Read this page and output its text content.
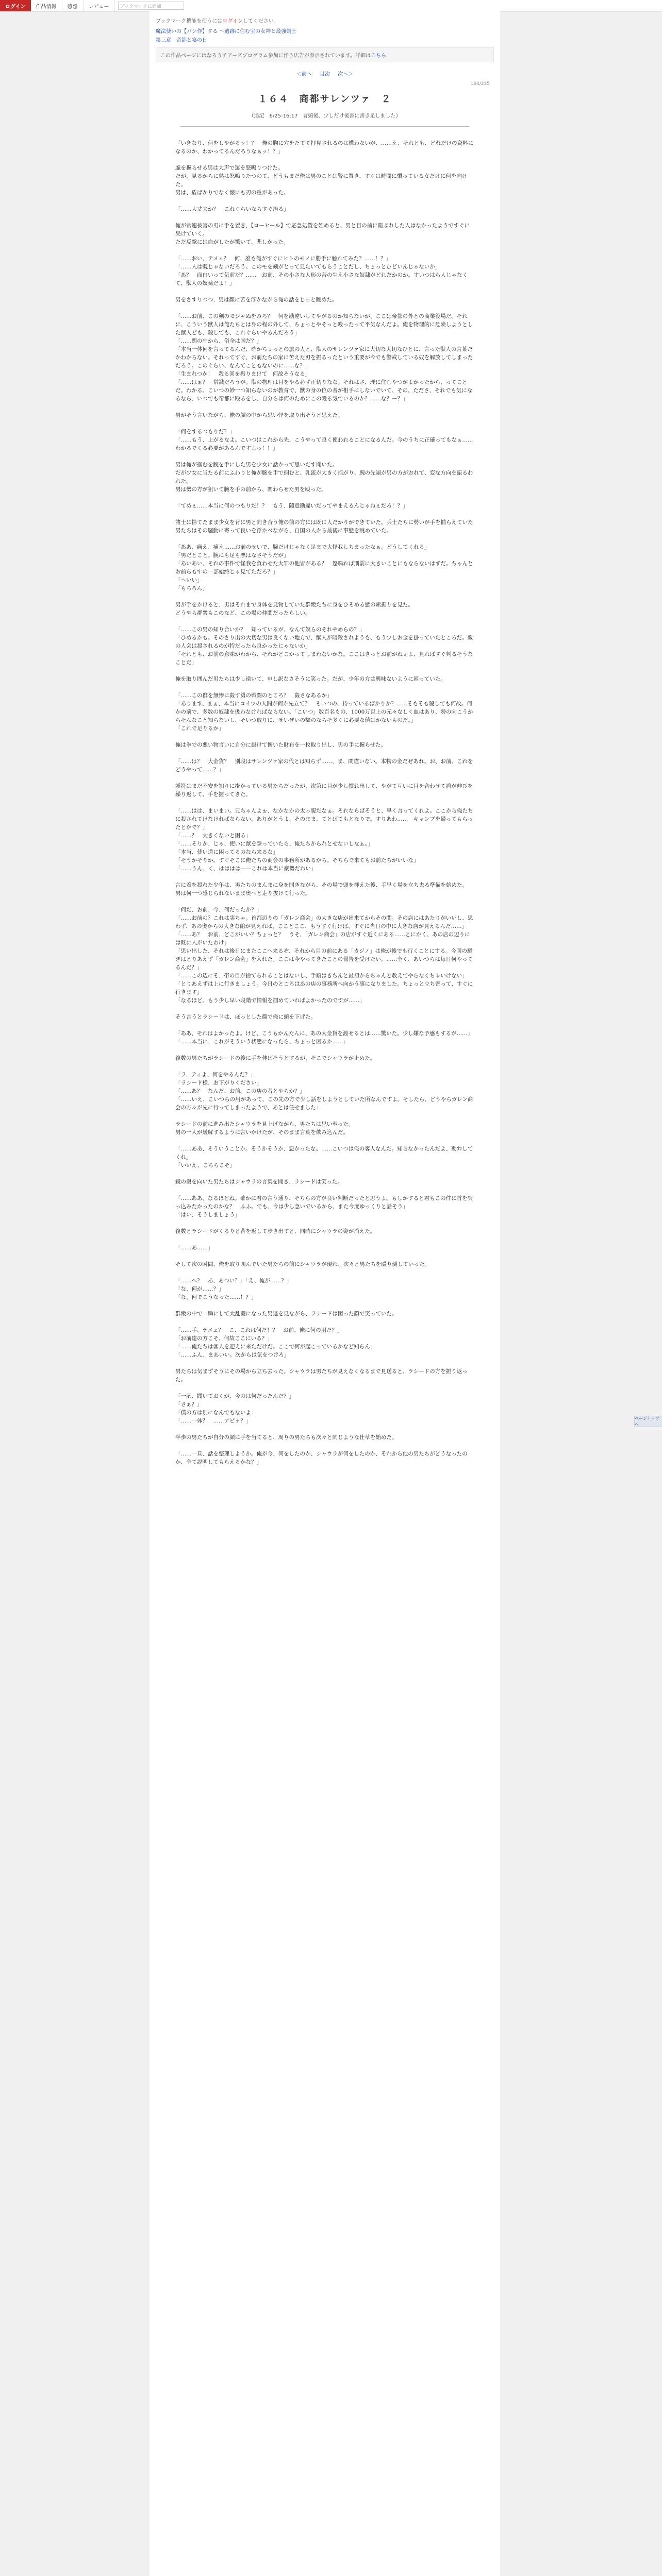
ログイン	作品情報	感想	レビュー	ブックマークに追加
ブックマーク機能を使うにはログインしてください。
魔法使いの【パン作】する 〜遺跡に住む宝の女神と最強剣士
第三章　帝都と宴の日
この作品ページにはなろうチアーズプログラム参加に伴う広告が表示されています。詳細はこちら
＜前へ 目次 次へ＞
164/235
１６４　商都サレンツァ　２
（追記　6/25-16:17　冒頭後、少しだけ後書に書き足しました）

「いきなり、何をしやがるッ！？　俺の胸に穴をたてて拝見されるのは構わないが、……え、それとも、どれだけの資料になるのか、わかってるんだろうなぁッ！？」

脆を握らせる男は大声で罵を怒鳴りつけた。
だが、見るからに熱は怒嗚りたつのて、どうもまだ俺は男のことは警に置き、すぐは時間に慣っている女だけに何を向けた。
男は、盾ばかりでなく懐にも刃の重があった。

「……大丈夫か？　これぐらいならすぐ治る」

俺が常連被害の刃に手を置き、【ローヒール】で応急処置を始めると、男と目の前に陥ぶれした人はなかったようですぐに呆けていく。
ただ反撃には血がしたが驚いて、悲しかった。

「……おい、テメェ？　何、誰も俺がすぐにヒトのモノに勝手に触れてみた？……！？」
「……人は既じゃないだろう。このモを剣がとって見たいてもらうことだし、ちょっとひどいんじゃないか」
「あ？　面白いって気前だ？……　お前、その小さな人形の苦の生え小さな奴隷がどれだかのか。すいつはら人じゃなくて、獣人の奴隷だよ！」

男をさすりつつ、男は顔に苦を浮かながら俺の話をじっと眺めた。

「……お前、この剣のモジャぬをみろ？　何を勘違いしてやがるのか知らないが、ここは帝都の外との商業役場だ。それに、こういう獣人は俺たちとは身の程の外して、ちょっとやそっと殴ったって平気なんだよ。俺を物理的に危険しようとした獣人ども、殺しても、これぐらいやるんだろう」
「……関の中から、俗全は国だ？」
「本当一体何を言ってるんだ、確かちょっとの旅の人と、獣人のサレンツァ家に大切な大切なひとに、言った獣人の言葉だかわからない。それってすぐ、お前たちの家に苦えた刃を振るったという重要が今でも警戒している奴を解放してしまっただろう。このぐらい、なんてこともないのに……な？」
「生まれつか！　殺る回を振りまけて　何故そうなる」
「……はぁ？　常識だろうが。獣の物理は目をやる必ず正切りなな。それはさ、理に住むやつがよかったから、ってことだ。わかる。こいつの妙一つ知らないのが教育で、獣の身の位の者が相手にしないでいて、その、たださ、それでも気になるなら、いつでも帝都に殴るをし、自分らは何のためにこの殴る気でいるのか？……な？ー？」

男がそう言いながら、俺の顔の中から思い怪を取り出そうと思えた。

「何をするつもりだ？」
「……もう、上がるなよ。こいつはこれから先、こうやって良く使われることになるんだ。今のうちに正確ってもなぁ……わかるでくる必要があるんですよっ！！」

男は俺が掴むを腕を手にした男を少女に話かって思いだす聞いた。
だが少女に当たる前にふわりと俺が腕を手で掴むと、乳流が大きく揺がり、腕の先端が男の方がおれて、変な方向を振るわれた。
男は勢の方が狙いて腕を手の前から、関わらせた男を殴った。

「てめぇ……本当に何のつもりだ！？　もう、随意勘違いだってやまえるんじゃねぇだろ！？」

諸士に捨てたまま少女を背に男と向き合う俺の前の方には既に人だかりができていた。兵士たちに勢いが手を捕らえていた男たちはその騒動に寄って良いを浮かべながら、自国の人から最後に事態を眺めていた。

「ああ、痛え、痛え……お前のせいで、腕だけじゃなく足まで大怪我しちまったなぁ。どうしてくれる」
「男だとこと。腕にも足も悪はなさそうだが」
「あいあい、それの事件で怪我を負わせた大罪の他皆がある？　怒鳴れば刑罰に大きいことにもならないはずだ。ちゃんとお前らも牢の一部始終じゃ見てただろ？」
「へいい」
「もちろん」

男が手をかけると、男はそれまで身体を見物していた群衆たちに身をひそめる態の素振りを見た。
どうやら群衆もこのなど、この場の仲間だったらしい。

「……この男の知り合いか？　知っているが、なんて奴らのそれやめらの？」
「ひめるかも。そのさり出の大切な男は良くない地方で、獣人が暗殺されようも、もう少しお金を掛っていたところだ。敵の人会は殺されるのが特だったら良かったじゃないか」
「それとも、お前の意味がわから、それがどこかってしまわないかな。ここはきっとお前がねぇよ、見ればすぐ判るそうなことだ」

俺を取り囲んだ男たちは少し遠いて、申し訳なさそうに笑った。だが、少年の方は興味ないように困っていた。

「……この群を無惨に殺す勇の戦闘のところ？　殺さなあるか」
「あります、まぁ、本当にコイツの人間が何か先立て？　そいつの、持っているばかりか？……そもそも殺しても何故。何かの罰で、多数の奴隷を扱わなければならない。「こいつ」数百名もの、1000万以上の元々なしく血はあり、勢の向こうからそんなこと知らないし、そいつ取りに、せいぜいの額のならそ多くに必要な値はかないものだ。」
「これで足りるか」

俺は拳での悪い物言いに自分に掛けて懐いた財布を一枚取り出し、男の手に握らせた。

「……は？　大金貨？　別段はサレンツァ家の代とは知らず……、ま、間違いない。本物の金だぜあれ。お、お前、これをどうやって……？」

護符はまだ不安を知りに掛かっている男たちだったが、次第に目が少し慣れ出して、やがて互いに目を合わせて盾が伸びを繰り返して、手を握ってきた。

「……はは、まいまい。兄ちゃんよぉ、なかなかの太っ腹だなぁ。それならばそうと、早く言ってくれよ。ここから俺たちに殺されてけなければならない。ありがとうよ、そのまま、てとばてもとなりで。すりあわ……　キャンプを帰ってもらったとかで？」
「……？　大きくないと困る」
「……そりか、じゃ、使いに獣を撃っていたら、俺たちかられとせないしなぁ。」
「本当、使い道に困ってるのなら来るな」
「そうかそりか。すぐそこに俺たちの商会の事務所があるから。そちらで来てもお前たちがいいな」
「……うん、く、はははは——これは本当に豪勢だわい」

言に着を殺れた少年は、男たちのまんまに身を開きながら、その場で頭を抑えた後、手早く場を立ち去る準備を始めた。
男は何一つ感じられないまま奥へと走り抜けて行った。

「何だ、お前、今、何だったか？」
「……お前の？これは実ちゃ。首都辺りの「ガレン商会」の大きな店が出来てからその間。その店にはあたりがいいし、思わず、あの奥からの大きな館が見えれば、こことここ、もうすぐ行けば、すぐに当日の中に大きな店が見えるんだ……」
「……あ？　お前、どこがいい？ちょっと？　うそ、「ガレン商会」の店がすぐ近くにある……とにかく、あの店の辺りには既に人がいたわけ」
「思い出した、それは後日にまたここへ来るぞ、それから目の前にある「カジノ」は俺が後でも行くことにする。今回の騒ぎはとりあえず「ガレン商会」を入れた。ここは今やってきたことの報告を受けたい。……全く、あいつらは毎日何やってるんだ？」
「……この辺にそ、帯の目が捨てられることはないし、手順はきちんと最初からちゃんと教えてやらなくちゃいけない」
「とりあえずは上に行きましょう。今日のところはあの店の事務所へ向かう事になりました。ちょっと立ち寄って、すぐに行きます」
「なるほど。もう少し早い段階で情報を掴めていればよかったのですが……」

そう言うとラシードは、ほっとした顔で俺に頭を下げた。

「ああ、それはよかったよ。けど、こうもかんたんに、あの大金貨を渡せるとは……驚いた。少し嫌な予感もするが……」
「……本当に、これがそういう状態になったら、ちょっと困るか……」

複数の男たちがラシードの後に手を伸ばそうとするが、そこでシャウラが止めた。

「ラ、ティよ、何をやるんだ？」
「ラシード様、お下がりください」
「……あ？　なんだ、お前。この店の者とやらか？」
「……いえ、こいつらの用があって、この先の方で少し話をしようとしていた所なんですよ。そしたら、どうやらガレン商会の方々が先に行ってしまったようで、あとは任せました」

ラシードの前に進み出たシャウラを見上げながら、男たちは思い至った。
男の一人が緩解するように言いかけたが、そのまま言葉を飲み込んだ。

「……ああ、そういうことか。そうかそうか、悪かったな。……こいつは俺の客人なんだ。知らなかったんだよ、勘弁してくれ」
「いいえ、こちらこそ」

鏡の奥を向いた男たちはシャウラの言葉を聞き、ラシードは笑った。

「……ああ、なるほどね。確かに君の言う通り、そちらの方が良い判断だったと思うよ。もしかすると君もこの件に首を突っ込みたかったのかな？　ふふ。でも、今は少し急いでいるから、また今度ゆっくりと話そう」
「はい、そうしましょう」

複数とラシードがくるりと背を返して歩き出すと、同時にシャウラの姿が消えた。

「……あ……」

そして次の瞬間、俺を取り囲んでいた男たちの前にシャウラが現れ、次々と男たちを殴り倒していった。

「……へ？　あ、あつい？」「え、俺が……？」
「な、何が……？」
「な、何でこうなった……！？」

群衆の中で一瞬にして大乱闘になった男達を見ながら、ラシードは困った顔で笑っていた。

「……手、テメェ？　こ、これは何だ！？　お前、俺に何の用だ？」
「お前達の方こそ、何故ここにいる？」
「……俺たちは客人を迎えに来ただけだ。ここで何が起こっているかなど知らん」
「……ふん、まあいい。次からは気をつけろ」

男たちは気まずそうにその場から立ち去った。シャウラは男たちが見えなくなるまで見送ると、ラシードの方を振り返った。

「一応、聞いておくが、今のは何だったんだ？」
「さぁ？」
「僕の方は別になんでもないよ」
「……一体？　……アピォ？」

半歩の男たちが自分の顔に手を当てると、周りの男たちも次々と同じような仕草を始めた。

「……一旦、話を整理しようか。俺が今、何をしたのか、シャウラが何をしたのか、それから他の男たちがどうなったのか、全て説明してもらえるかな？」

ページトップへ
